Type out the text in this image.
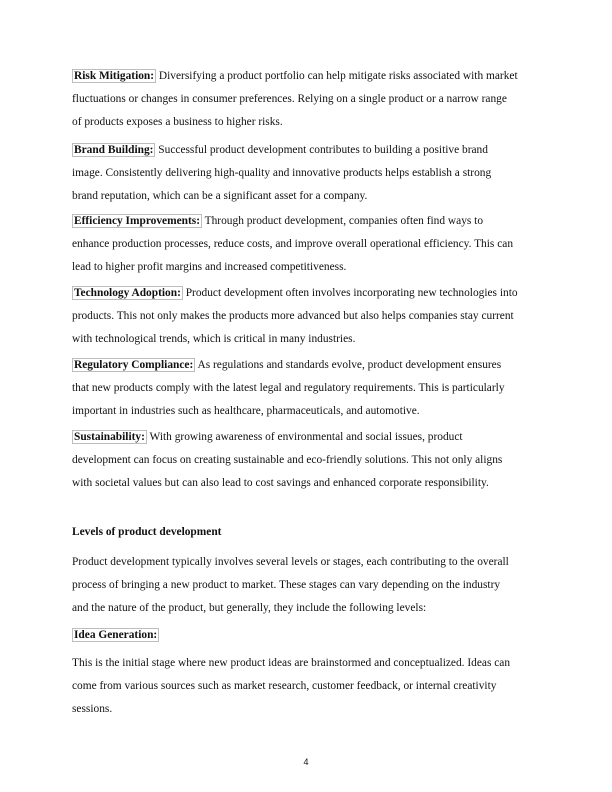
Risk Mitigation: Diversifying a product portfolio can help mitigate risks associated with market
fluctuations or changes in consumer preferences. Relying on a single product or a narrow range
of products exposes a business to higher risks.
Brand Building: Successful product development contributes to building a positive brand
image. Consistently delivering high-quality and innovative products helps establish a strong
brand reputation, which can be a significant asset for a company.
Efficiency Improvements: Through product development, companies often find ways to
enhance production processes, reduce costs, and improve overall operational efficiency. This can
lead to higher profit margins and increased competitiveness.
Technology Adoption: Product development often involves incorporating new technologies into
products. This not only makes the products more advanced but also helps companies stay current
with technological trends, which is critical in many industries.
Regulatory Compliance: As regulations and standards evolve, product development ensures
that new products comply with the latest legal and regulatory requirements. This is particularly
important in industries such as healthcare, pharmaceuticals, and automotive.
Sustainability: With growing awareness of environmental and social issues, product
development can focus on creating sustainable and eco-friendly solutions. This not only aligns
with societal values but can also lead to cost savings and enhanced corporate responsibility.
Levels of product development
Product development typically involves several levels or stages, each contributing to the overall
process of bringing a new product to market. These stages can vary depending on the industry
and the nature of the product, but generally, they include the following levels:
Idea Generation:
This is the initial stage where new product ideas are brainstormed and conceptualized. Ideas can
come from various sources such as market research, customer feedback, or internal creativity
sessions.
4
